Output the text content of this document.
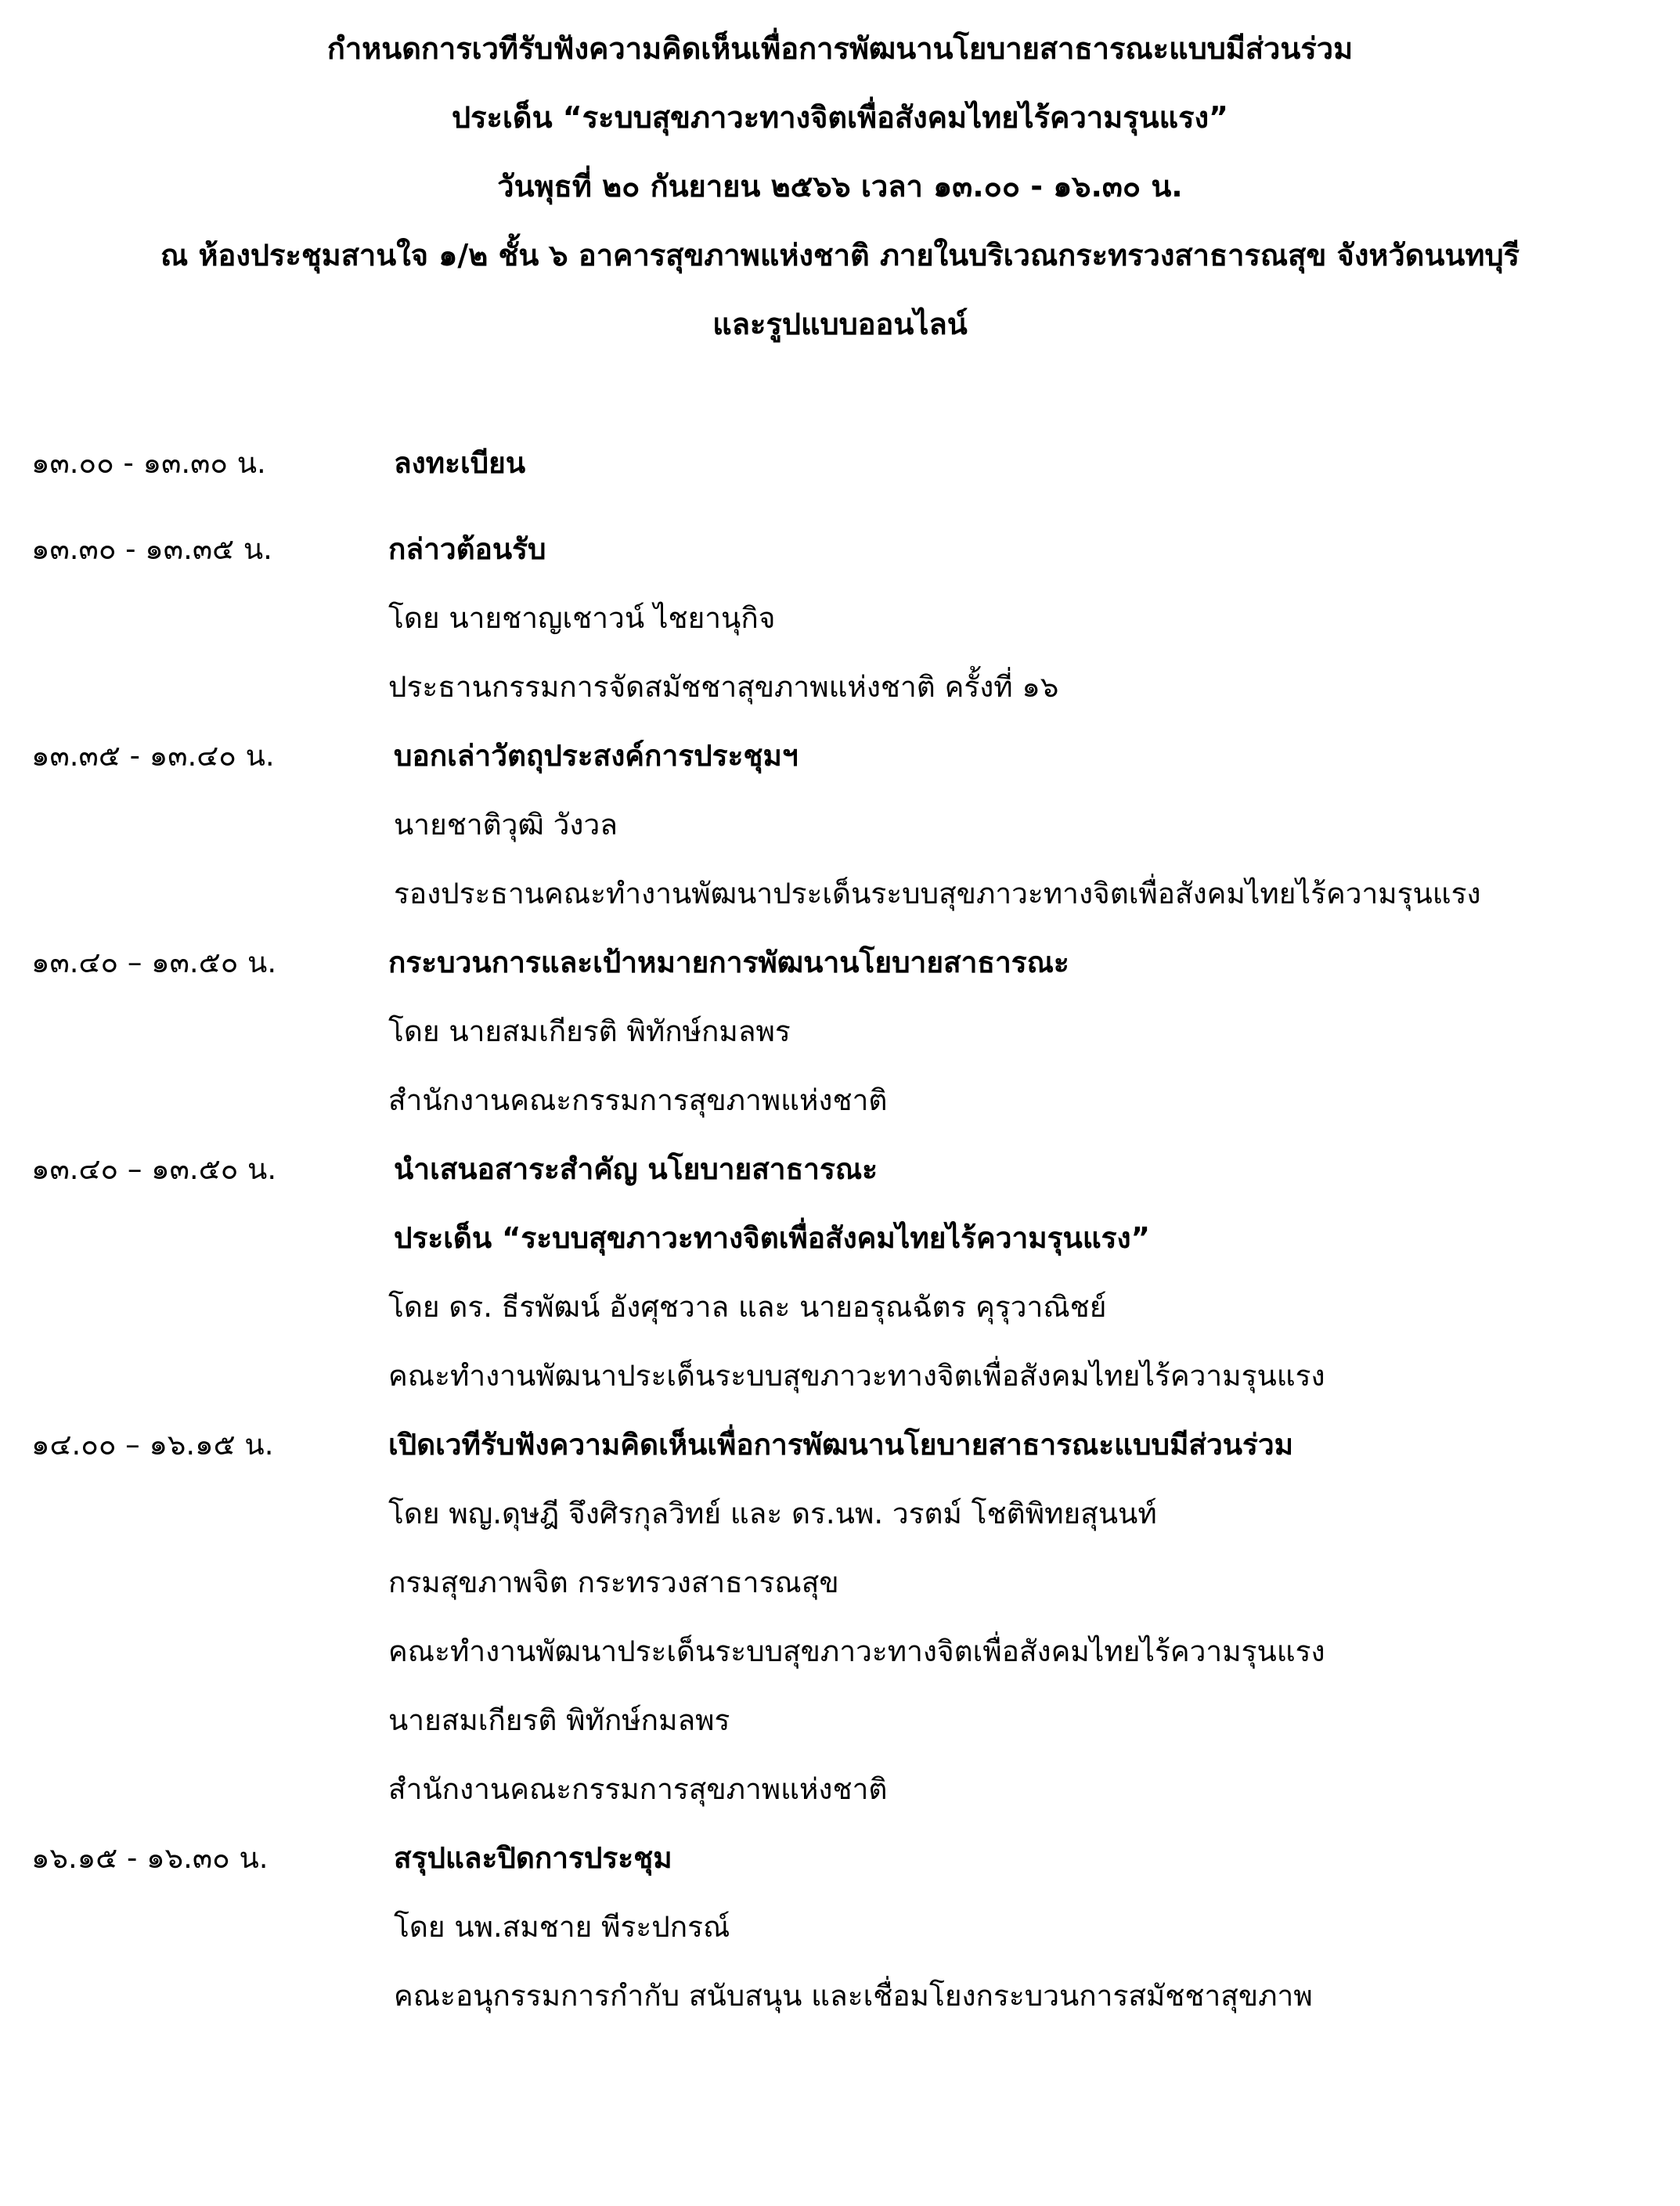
กำหนดการเวทีรับฟังความคิดเห็นเพื่อการพัฒนานโยบายสาธารณะแบบมีส่วนร่วม
ประเด็น “ระบบสุขภาวะทางจิตเพื่อสังคมไทยไร้ความรุนแรง”
วันพุธที่ ๒๐ กันยายน ๒๕๖๖ เวลา ๑๓.๐๐ - ๑๖.๓๐ น.
ณ ห้องประชุมสานใจ ๑/๒ ชั้น ๖ อาคารสุขภาพแห่งชาติ ภายในบริเวณกระทรวงสาธารณสุข จังหวัดนนทบุรี
และรูปแบบออนไลน์
๑๓.๐๐ - ๑๓.๓๐ น.	ลงทะเบียน
๑๓.๓๐ - ๑๓.๓๕ น.	กล่าวต้อนรับ
โดย นายชาญเชาวน์ ไชยานุกิจ
ประธานกรรมการจัดสมัชชาสุขภาพแห่งชาติ ครั้งที่ ๑๖
๑๓.๓๕ - ๑๓.๔๐ น.	บอกเล่าวัตถุประสงค์การประชุมฯ
นายชาติวุฒิ วังวล
รองประธานคณะทำงานพัฒนาประเด็นระบบสุขภาวะทางจิตเพื่อสังคมไทยไร้ความรุนแรง
๑๓.๔๐ – ๑๓.๕๐ น.	กระบวนการและเป้าหมายการพัฒนานโยบายสาธารณะ
โดย นายสมเกียรติ พิทักษ์กมลพร
สำนักงานคณะกรรมการสุขภาพแห่งชาติ
๑๓.๔๐ – ๑๓.๕๐ น.	นำเสนอสาระสำคัญ นโยบายสาธารณะ
ประเด็น “ระบบสุขภาวะทางจิตเพื่อสังคมไทยไร้ความรุนแรง”
โดย ดร. ธีรพัฒน์ อังศุชวาล และ นายอรุณฉัตร คุรุวาณิชย์
คณะทำงานพัฒนาประเด็นระบบสุขภาวะทางจิตเพื่อสังคมไทยไร้ความรุนแรง
๑๔.๐๐ – ๑๖.๑๕ น.	เปิดเวทีรับฟังความคิดเห็นเพื่อการพัฒนานโยบายสาธารณะแบบมีส่วนร่วม
โดย พญ.ดุษฎี จึงศิรกุลวิทย์ และ ดร.นพ. วรตม์ โชติพิทยสุนนท์
กรมสุขภาพจิต กระทรวงสาธารณสุข
คณะทำงานพัฒนาประเด็นระบบสุขภาวะทางจิตเพื่อสังคมไทยไร้ความรุนแรง
นายสมเกียรติ พิทักษ์กมลพร
สำนักงานคณะกรรมการสุขภาพแห่งชาติ
๑๖.๑๕ - ๑๖.๓๐ น.	สรุปและปิดการประชุม
โดย นพ.สมชาย พีระปกรณ์
คณะอนุกรรมการกำกับ สนับสนุน และเชื่อมโยงกระบวนการสมัชชาสุขภาพ
